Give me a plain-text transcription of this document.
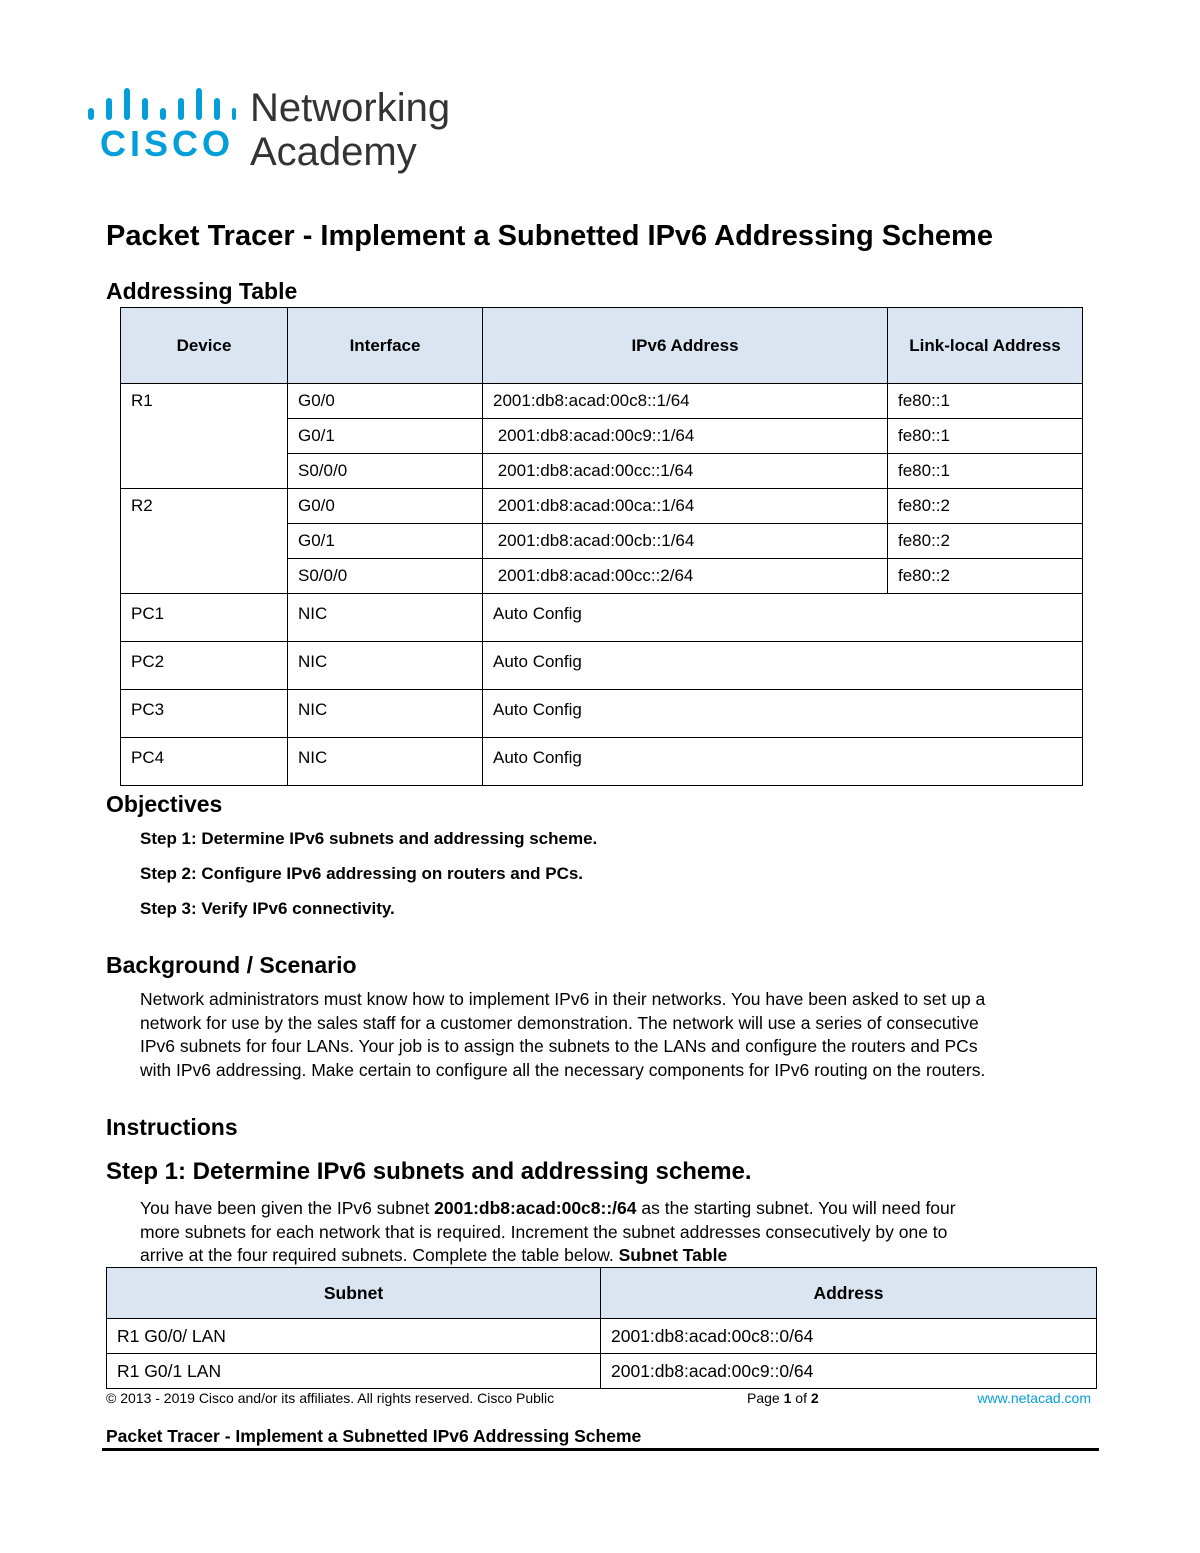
CISCO
Networking
Academy
Packet Tracer - Implement a Subnetted IPv6 Addressing Scheme
Addressing Table
Device	Interface	IPv6 Address	Link-local Address
R1	G0/0	2001:db8:acad:00c8::1/64	fe80::1
	G0/1	2001:db8:acad:00c9::1/64	fe80::1
	S0/0/0	2001:db8:acad:00cc::1/64	fe80::1
R2	G0/0	2001:db8:acad:00ca::1/64	fe80::2
	G0/1	2001:db8:acad:00cb::1/64	fe80::2
	S0/0/0	2001:db8:acad:00cc::2/64	fe80::2
PC1	NIC	Auto Config	
PC2	NIC	Auto Config	
PC3	NIC	Auto Config	
PC4	NIC	Auto Config	
Objectives
Step 1: Determine IPv6 subnets and addressing scheme.
Step 2: Configure IPv6 addressing on routers and PCs.
Step 3: Verify IPv6 connectivity.
Background / Scenario

Network administrators must know how to implement IPv6 in their networks. You have been asked to set up a

network for use by the sales staff for a customer demonstration. The network will use a series of consecutive

IPv6 subnets for four LANs. Your job is to assign the subnets to the LANs and configure the routers and PCs

with IPv6 addressing. Make certain to configure all the necessary components for IPv6 routing on the routers.

Instructions
Step 1: Determine IPv6 subnets and addressing scheme.

You have been given the IPv6 subnet 2001:db8:acad:00c8::/64 as the starting subnet. You will need four

more subnets for each network that is required. Increment the subnet addresses consecutively by one to

arrive at the four required subnets. Complete the table below. Subnet Table

Subnet	Address
R1 G0/0/ LAN	2001:db8:acad:00c8::0/64
R1 G0/1 LAN	2001:db8:acad:00c9::0/64
© 2013 - 2019 Cisco and/or its affiliates. All rights reserved. Cisco Public	Page 1 of 2	www.netacad.com
Packet Tracer - Implement a Subnetted IPv6 Addressing Scheme
